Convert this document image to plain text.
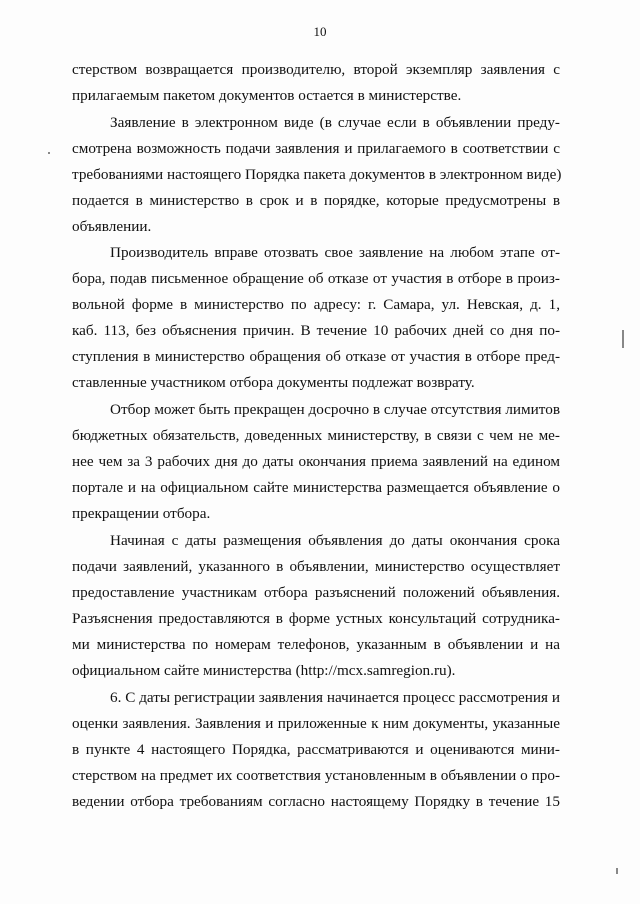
10
стерством возвращается производителю, второй экземпляр заявления с
прилагаемым пакетом документов остается в министерстве.
Заявление в электронном виде (в случае если в объявлении преду-
смотрена возможность подачи заявления и прилагаемого в соответствии с
требованиями настоящего Порядка пакета документов в электронном виде)
подается в министерство в срок и в порядке, которые предусмотрены в
объявлении.
Производитель вправе отозвать свое заявление на любом этапе от-
бора, подав письменное обращение об отказе от участия в отборе в произ-
вольной форме в министерство по адресу: г. Самара, ул. Невская, д. 1,
каб. 113, без объяснения причин. В течение 10 рабочих дней со дня по-
ступления в министерство обращения об отказе от участия в отборе пред-
ставленные участником отбора документы подлежат возврату.
Отбор может быть прекращен досрочно в случае отсутствия лимитов
бюджетных обязательств, доведенных министерству, в связи с чем не ме-
нее чем за 3 рабочих дня до даты окончания приема заявлений на едином
портале и на официальном сайте министерства размещается объявление о
прекращении отбора.
Начиная с даты размещения объявления до даты окончания срока
подачи заявлений, указанного в объявлении, министерство осуществляет
предоставление участникам отбора разъяснений положений объявления.
Разъяснения предоставляются в форме устных консультаций сотрудника-
ми министерства по номерам телефонов, указанным в объявлении и на
официальном сайте министерства (http://mcx.samregion.ru).
6. С даты регистрации заявления начинается процесс рассмотрения и
оценки заявления. Заявления и приложенные к ним документы, указанные
в пункте 4 настоящего Порядка, рассматриваются и оцениваются мини-
стерством на предмет их соответствия установленным в объявлении о про-
ведении отбора требованиям согласно настоящему Порядку в течение 15
